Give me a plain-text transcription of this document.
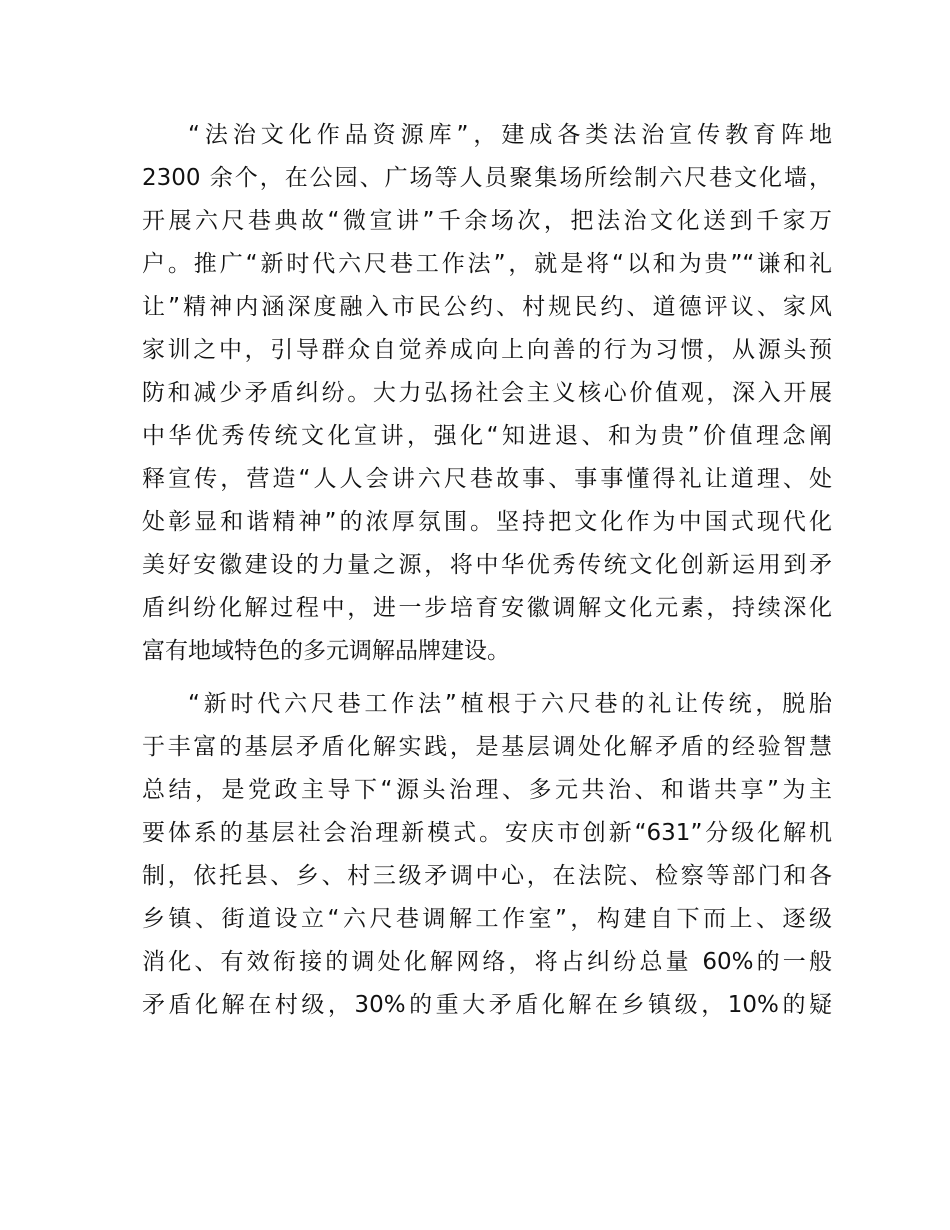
“法治文化作品资源库”，建成各类法治宣传教育阵地

2300 余个，在公园、广场等人员聚集场所绘制六尺巷文化墙，

开展六尺巷典故“微宣讲”千余场次，把法治文化送到千家万

户。推广“新时代六尺巷工作法”，就是将“以和为贵”“谦和礼

让”精神内涵深度融入市民公约、村规民约、道德评议、家风

家训之中，引导群众自觉养成向上向善的行为习惯，从源头预

防和减少矛盾纠纷。大力弘扬社会主义核心价值观，深入开展

中华优秀传统文化宣讲，强化“知进退、和为贵”价值理念阐

释宣传，营造“人人会讲六尺巷故事、事事懂得礼让道理、处

处彰显和谐精神”的浓厚氛围。坚持把文化作为中国式现代化

美好安徽建设的力量之源，将中华优秀传统文化创新运用到矛

盾纠纷化解过程中，进一步培育安徽调解文化元素，持续深化

富有地域特色的多元调解品牌建设。

“新时代六尺巷工作法”植根于六尺巷的礼让传统，脱胎

于丰富的基层矛盾化解实践，是基层调处化解矛盾的经验智慧

总结，是党政主导下“源头治理、多元共治、和谐共享”为主

要体系的基层社会治理新模式。安庆市创新“631”分级化解机

制，依托县、乡、村三级矛调中心，在法院、检察等部门和各

乡镇、街道设立“六尺巷调解工作室”，构建自下而上、逐级

消化、有效衔接的调处化解网络，将占纠纷总量 60%的一般

矛盾化解在村级，30%的重大矛盾化解在乡镇级，10%的疑
